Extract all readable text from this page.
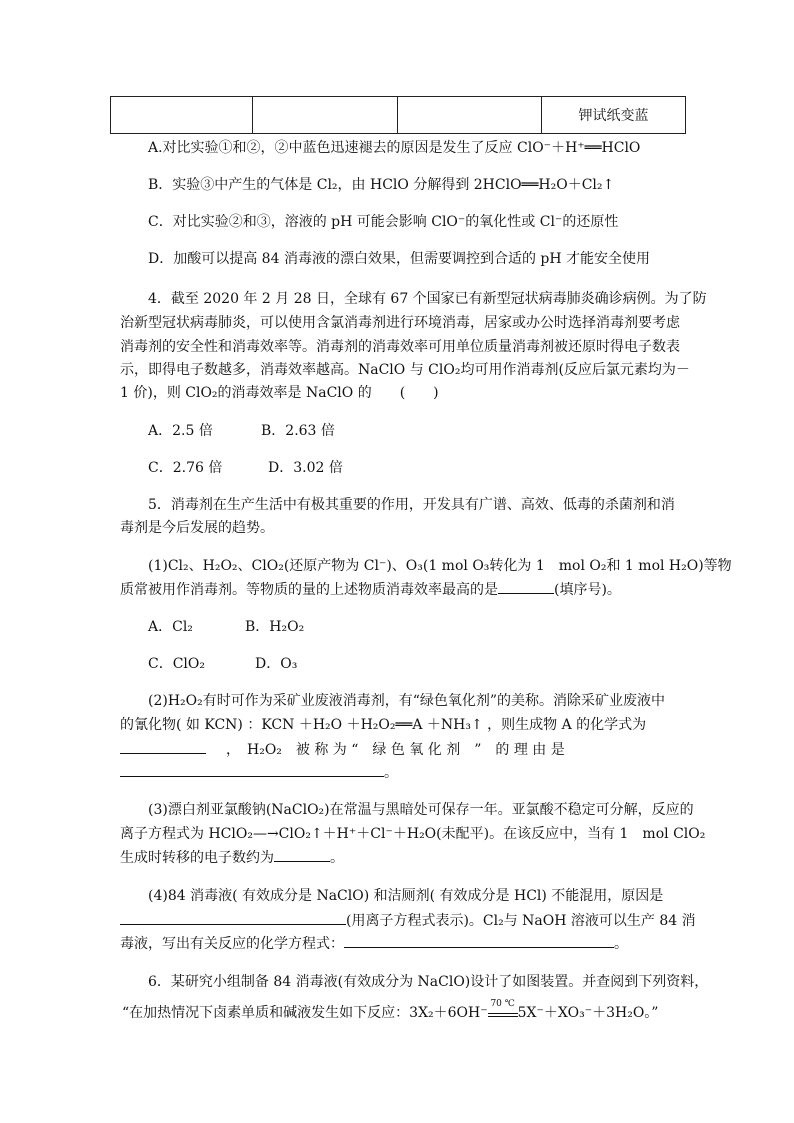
			钾试纸变蓝
A.对比实验①和②，②中蓝色迅速褪去的原因是发生了反应 ClO⁻＋H⁺══HClO
B．实验③中产生的气体是 Cl₂，由 HClO 分解得到 2HClO══H₂O＋Cl₂↑
C．对比实验②和③，溶液的 pH 可能会影响 ClO⁻的氧化性或 Cl⁻的还原性
D．加酸可以提高 84 消毒液的漂白效果，但需要调控到合适的 pH 才能安全使用
4．截至 2020 年 2 月 28 日，全球有 67 个国家已有新型冠状病毒肺炎确诊病例。为了防
治新型冠状病毒肺炎，可以使用含氯消毒剂进行环境消毒，居家或办公时选择消毒剂要考虑
消毒剂的安全性和消毒效率等。消毒剂的消毒效率可用单位质量消毒剂被还原时得电子数表
示，即得电子数越多，消毒效率越高。NaClO 与 ClO₂均可用作消毒剂(反应后氯元素均为－
1 价)，则 ClO₂的消毒效率是 NaClO 的　　(　　)
A．2.5 倍	B．2.63 倍
C．2.76 倍	D．3.02 倍
5．消毒剂在生产生活中有极其重要的作用，开发具有广谱、高效、低毒的杀菌剂和消
毒剂是今后发展的趋势。
(1)Cl₂、H₂O₂、ClO₂(还原产物为 Cl⁻)、O₃(1 mol O₃转化为 1　mol O₂和 1 mol H₂O)等物
质常被用作消毒剂。等物质的量的上述物质消毒效率最高的是	(填序号)。
A．Cl₂	B．H₂O₂
C．ClO₂	D．O₃
(2)H₂O₂有时可作为采矿业废液消毒剂，有“绿色氧化剂”的美称。消除采矿业废液中
的氰化物( 如 KCN) ：KCN ＋H₂O ＋H₂O₂══A ＋NH₃↑ ，则生成物 A 的化学式为
，　H₂O₂　被 称 为 “　绿 色 氧 化 剂　”　的 理 由 是
。
(3)漂白剂亚氯酸钠(NaClO₂)在常温与黑暗处可保存一年。亚氯酸不稳定可分解，反应的
离子方程式为 HClO₂—→ClO₂↑＋H⁺＋Cl⁻＋H₂O(未配平)。在该反应中，当有 1　mol ClO₂
生成时转移的电子数约为	。
(4)84 消毒液( 有效成分是 NaClO) 和洁厕剂( 有效成分是 HCl) 不能混用，原因是
(用离子方程式表示)。Cl₂与 NaOH 溶液可以生产 84 消
毒液，写出有关反应的化学方程式：	。
6．某研究小组制备 84 消毒液(有效成分为 NaClO)设计了如图装置。并查阅到下列资料，
“在加热情况下卤素单质和碱液发生如下反应：3X₂＋6OH⁻
70 ℃
5X⁻＋XO₃⁻＋3H₂O。”
